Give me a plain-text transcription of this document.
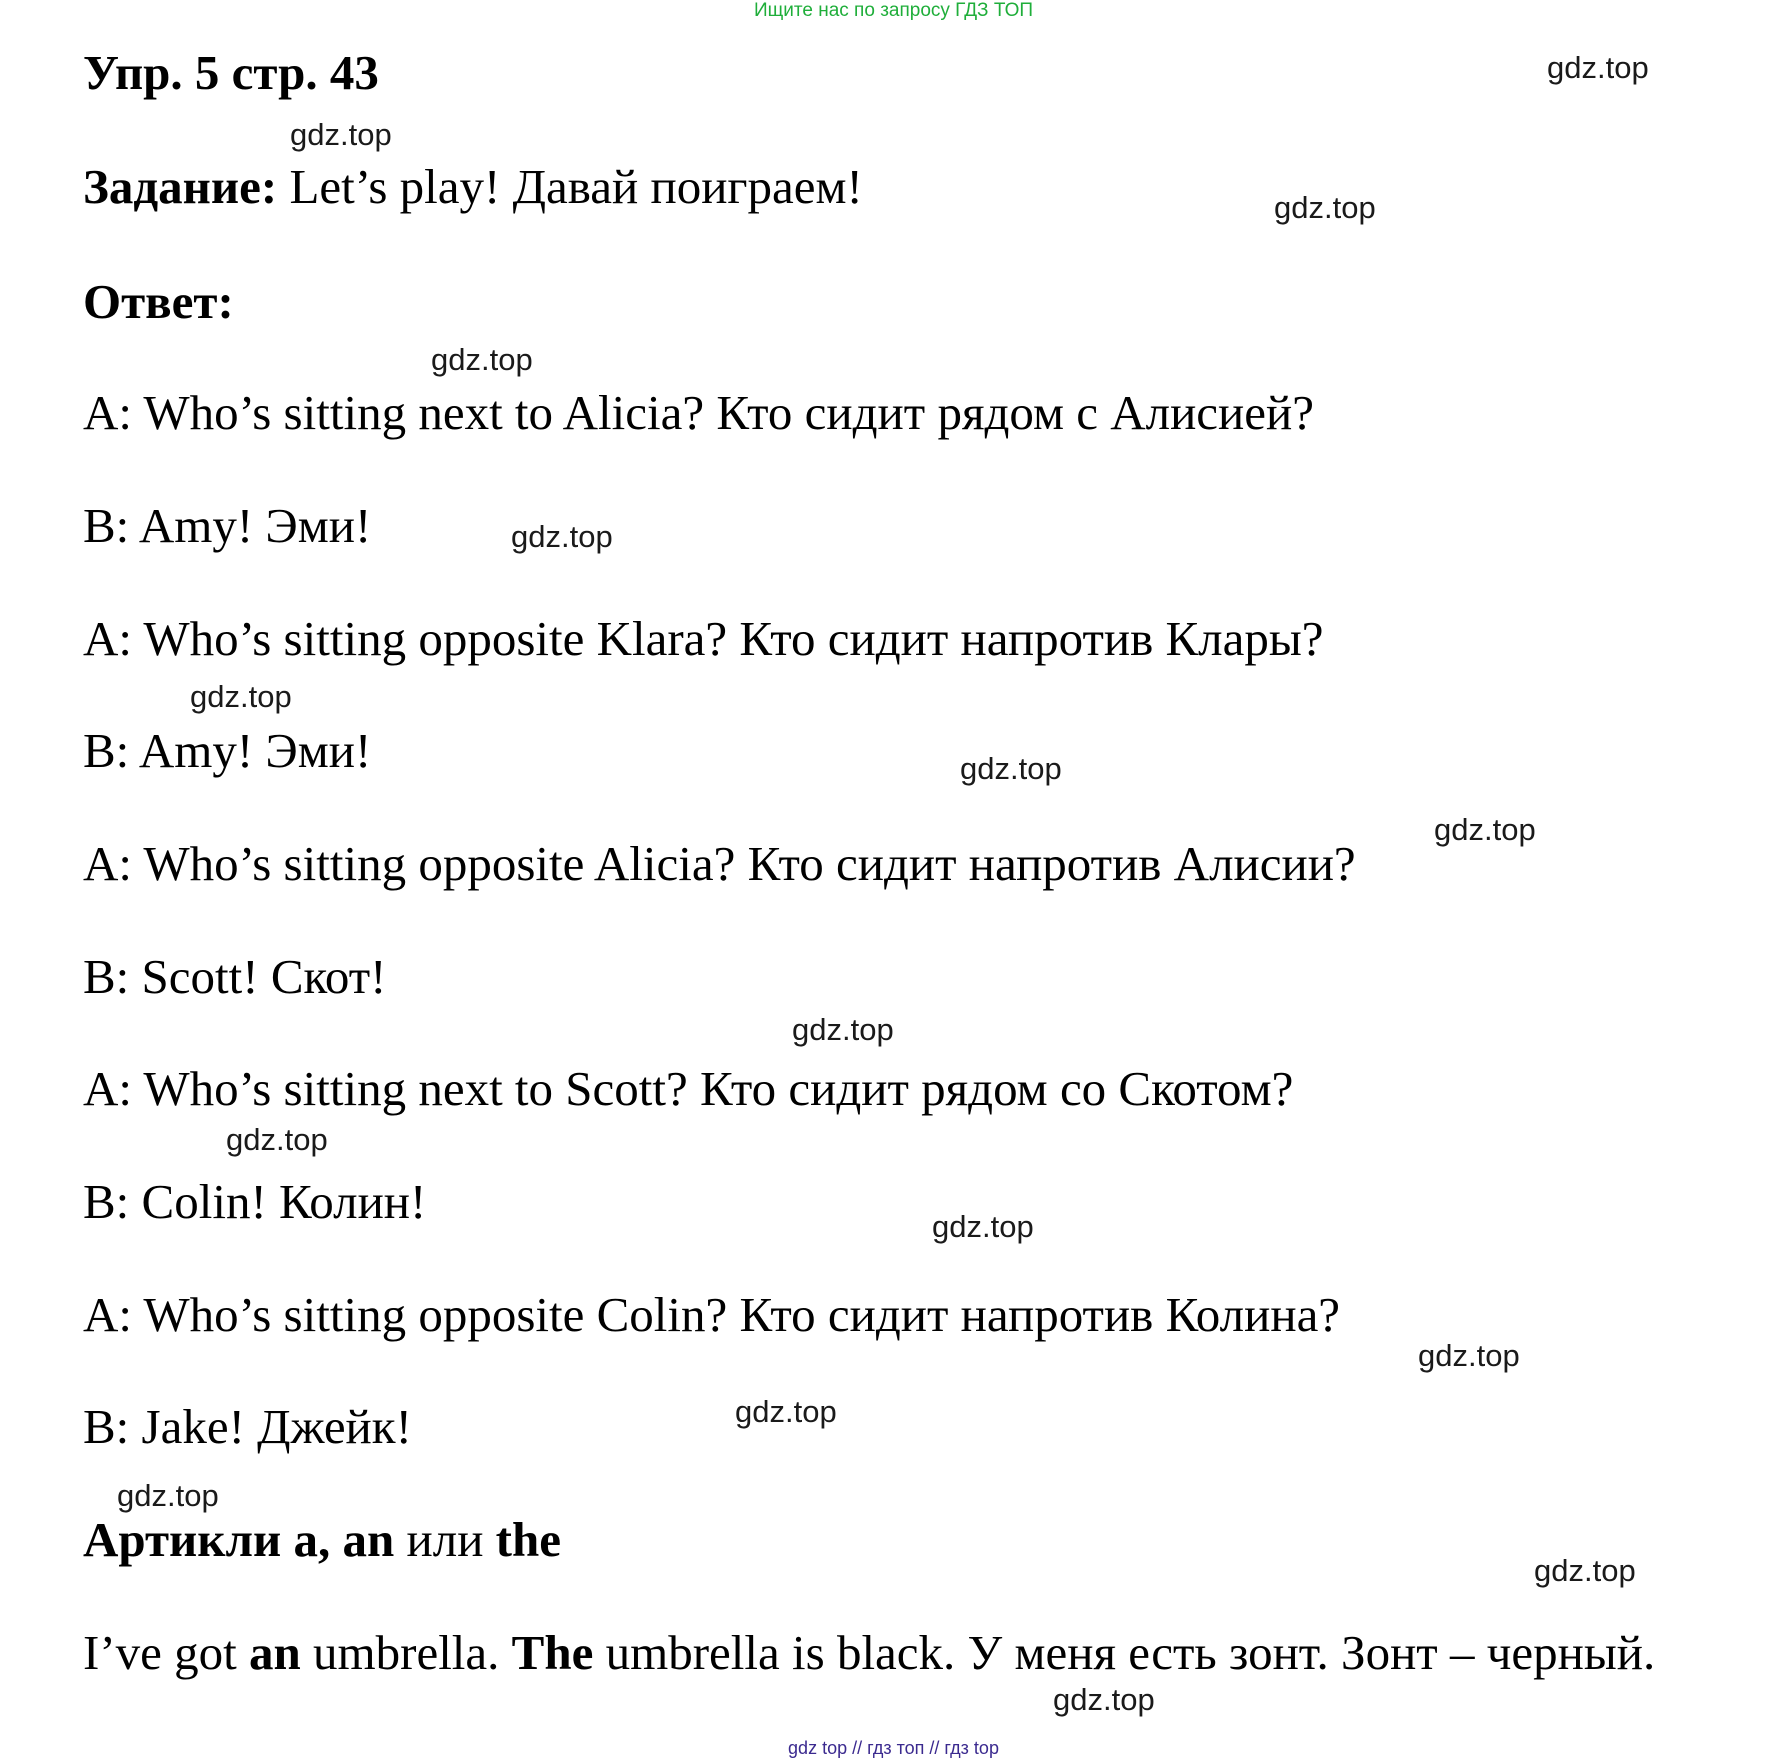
Ищите нас по запросу ГДЗ ТОП
Упр. 5 стр. 43
Задание: Let’s play! Давай поиграем!
Ответ:
A: Who’s sitting next to Alicia? Кто сидит рядом с Алисией?
B: Amy! Эми!
A: Who’s sitting opposite Klara? Кто сидит напротив Клары?
B: Amy! Эми!
A: Who’s sitting opposite Alicia? Кто сидит напротив Алисии?
B: Scott! Скот!
A: Who’s sitting next to Scott? Кто сидит рядом со Скотом?
B: Colin! Колин!
A: Who’s sitting opposite Colin? Кто сидит напротив Колина?
B: Jake! Джейк!
Артикли a, an или the
I’ve got an umbrella. The umbrella is black. У меня есть зонт. Зонт – черный.
gdz.top
gdz.top
gdz.top
gdz.top
gdz.top
gdz.top
gdz.top
gdz.top
gdz.top
gdz.top
gdz.top
gdz.top
gdz.top
gdz.top
gdz.top
gdz.top
gdz top // гдз топ // гдз top
